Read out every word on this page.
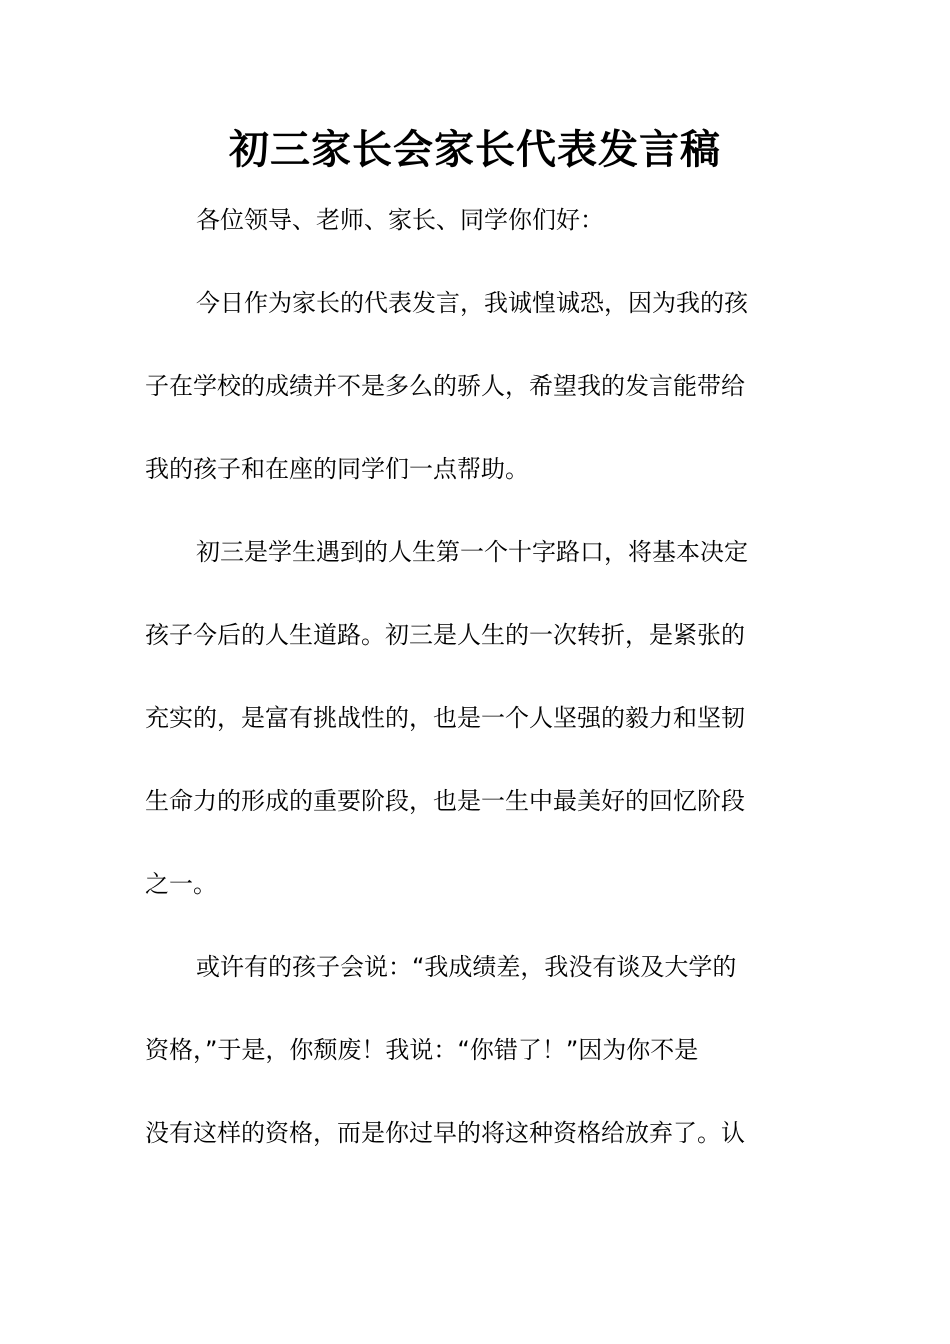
初三家长会家长代表发言稿
各位领导、老师、家长、同学你们好：
今日作为家长的代表发言，我诚惶诚恐，因为我的孩
子在学校的成绩并不是多么的骄人，希望我的发言能带给
我的孩子和在座的同学们一点帮助。
初三是学生遇到的人生第一个十字路口，将基本决定
孩子今后的人生道路。初三是人生的一次转折，是紧张的
充实的，是富有挑战性的，也是一个人坚强的毅力和坚韧
生命力的形成的重要阶段，也是一生中最美好的回忆阶段
之一。
或许有的孩子会说：“我成绩差，我没有谈及大学的
资格，”于是，你颓废！我说：“你错了！”因为你不是
没有这样的资格，而是你过早的将这种资格给放弃了。认
